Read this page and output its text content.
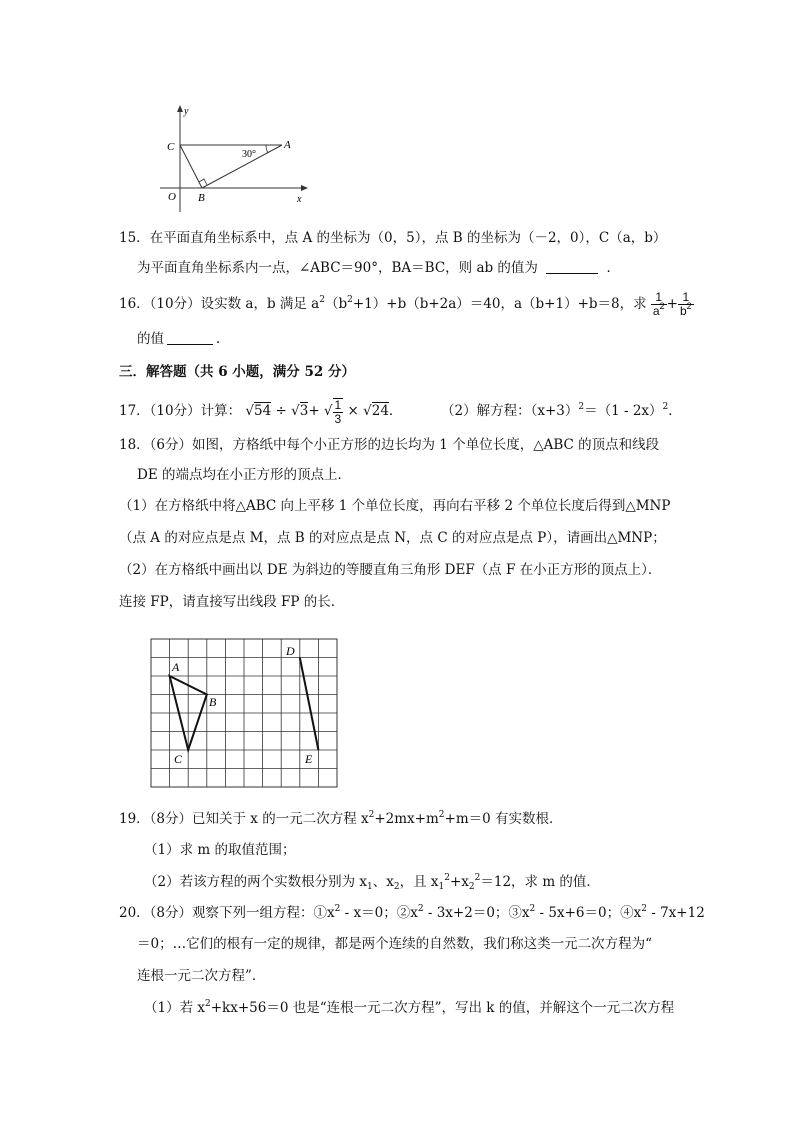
y
x
C	A
O B
30°
15．在平面直角坐标系中，点 A 的坐标为（0，5），点 B 的坐标为（－2，0），C（a，b）
为平面直角坐标系内一点，∠ABC＝90°，BA＝BC，则 ab 的值为	．
16．（10分）设实数 a，b 满足 $a^2(b^2+1)+b(b+2a)=40$，a（b+1）+b＝8，求 $\frac{1}{a^2} + \frac{1}{b^2}$
的值	．
三．解答题（共 6 小题，满分 52 分）
17．（10分）计算： √54 ÷ √3+ √ $\frac{1}{3} \times √24$．	（2）解方程：$(x+3)^2=(1 - 2x)^2$．
18．（6分）如图，方格纸中每个小正方形的边长均为 1 个单位长度，△ABC 的顶点和线段
DE 的端点均在小正方形的顶点上．
（1）在方格纸中将△ABC 向上平移 1 个单位长度，再向右平移 2 个单位长度后得到△MNP
（点 A 的对应点是点 M，点 B 的对应点是点 N，点 C 的对应点是点 P），请画出△MNP；
（2）在方格纸中画出以 DE 为斜边的等腰直角三角形 DEF（点 F 在小正方形的顶点上）．
连接 FP，请直接写出线段 FP 的长．
A
B
C
D
E
19．（8分）已知关于 x 的一元二次方程 $x^2+2mx+m^2+m=0$ 有实数根．
（1）求 m 的取值范围；
（2）若该方程的两个实数根分别为 $x_1$、$x_2$，且 $x_1^2+x_2^2=12$，求 m 的值．
20．（8分）观察下列一组方程：$①x^2 - x=0$；$②x^2 - 3x+2=0$；$③x^2 - 5x+6=0$；$④x^2 - 7x+12$
＝0；…它们的根有一定的规律，都是两个连续的自然数，我们称这类一元二次方程为“
连根一元二次方程”．
（1）若 $x^2+kx+56=0$ 也是“连根一元二次方程”，写出 k 的值，并解这个一元二次方程
